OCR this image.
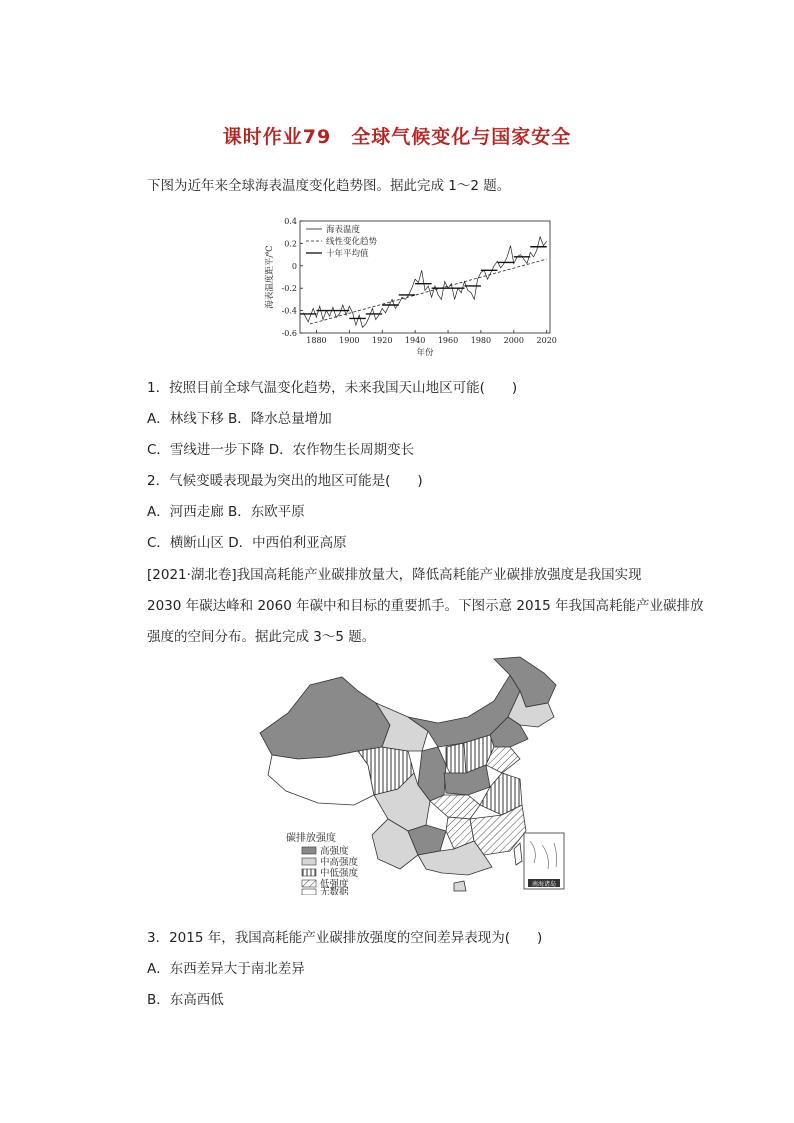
课时作业79　全球气候变化与国家安全
下图为近年来全球海表温度变化趋势图。据此完成 1～2 题。
0.4
0.2
0
-0.2
-0.4
-0.6
1880 1900 1920 1940 1960 1980 2000 2020
年份
海表温度距平/℃
海表温度
线性变化趋势
十年平均值
1．按照目前全球气温变化趋势，未来我国天山地区可能(　　)
A．林线下移 B．降水总量增加
C．雪线进一步下降 D．农作物生长周期变长
2．气候变暖表现最为突出的地区可能是(　　)
A．河西走廊 B．东欧平原
C．横断山区 D．中西伯利亚高原
[2021·湖北卷]我国高耗能产业碳排放量大，降低高耗能产业碳排放强度是我国实现
2030 年碳达峰和 2060 年碳中和目标的重要抓手。下图示意 2015 年我国高耗能产业碳排放
强度的空间分布。据此完成 3～5 题。
碳排放强度
高强度
中高强度
中低强度
低强度
无数据
南海诸岛
3．2015 年，我国高耗能产业碳排放强度的空间差异表现为(　　)
A．东西差异大于南北差异
B．东高西低
